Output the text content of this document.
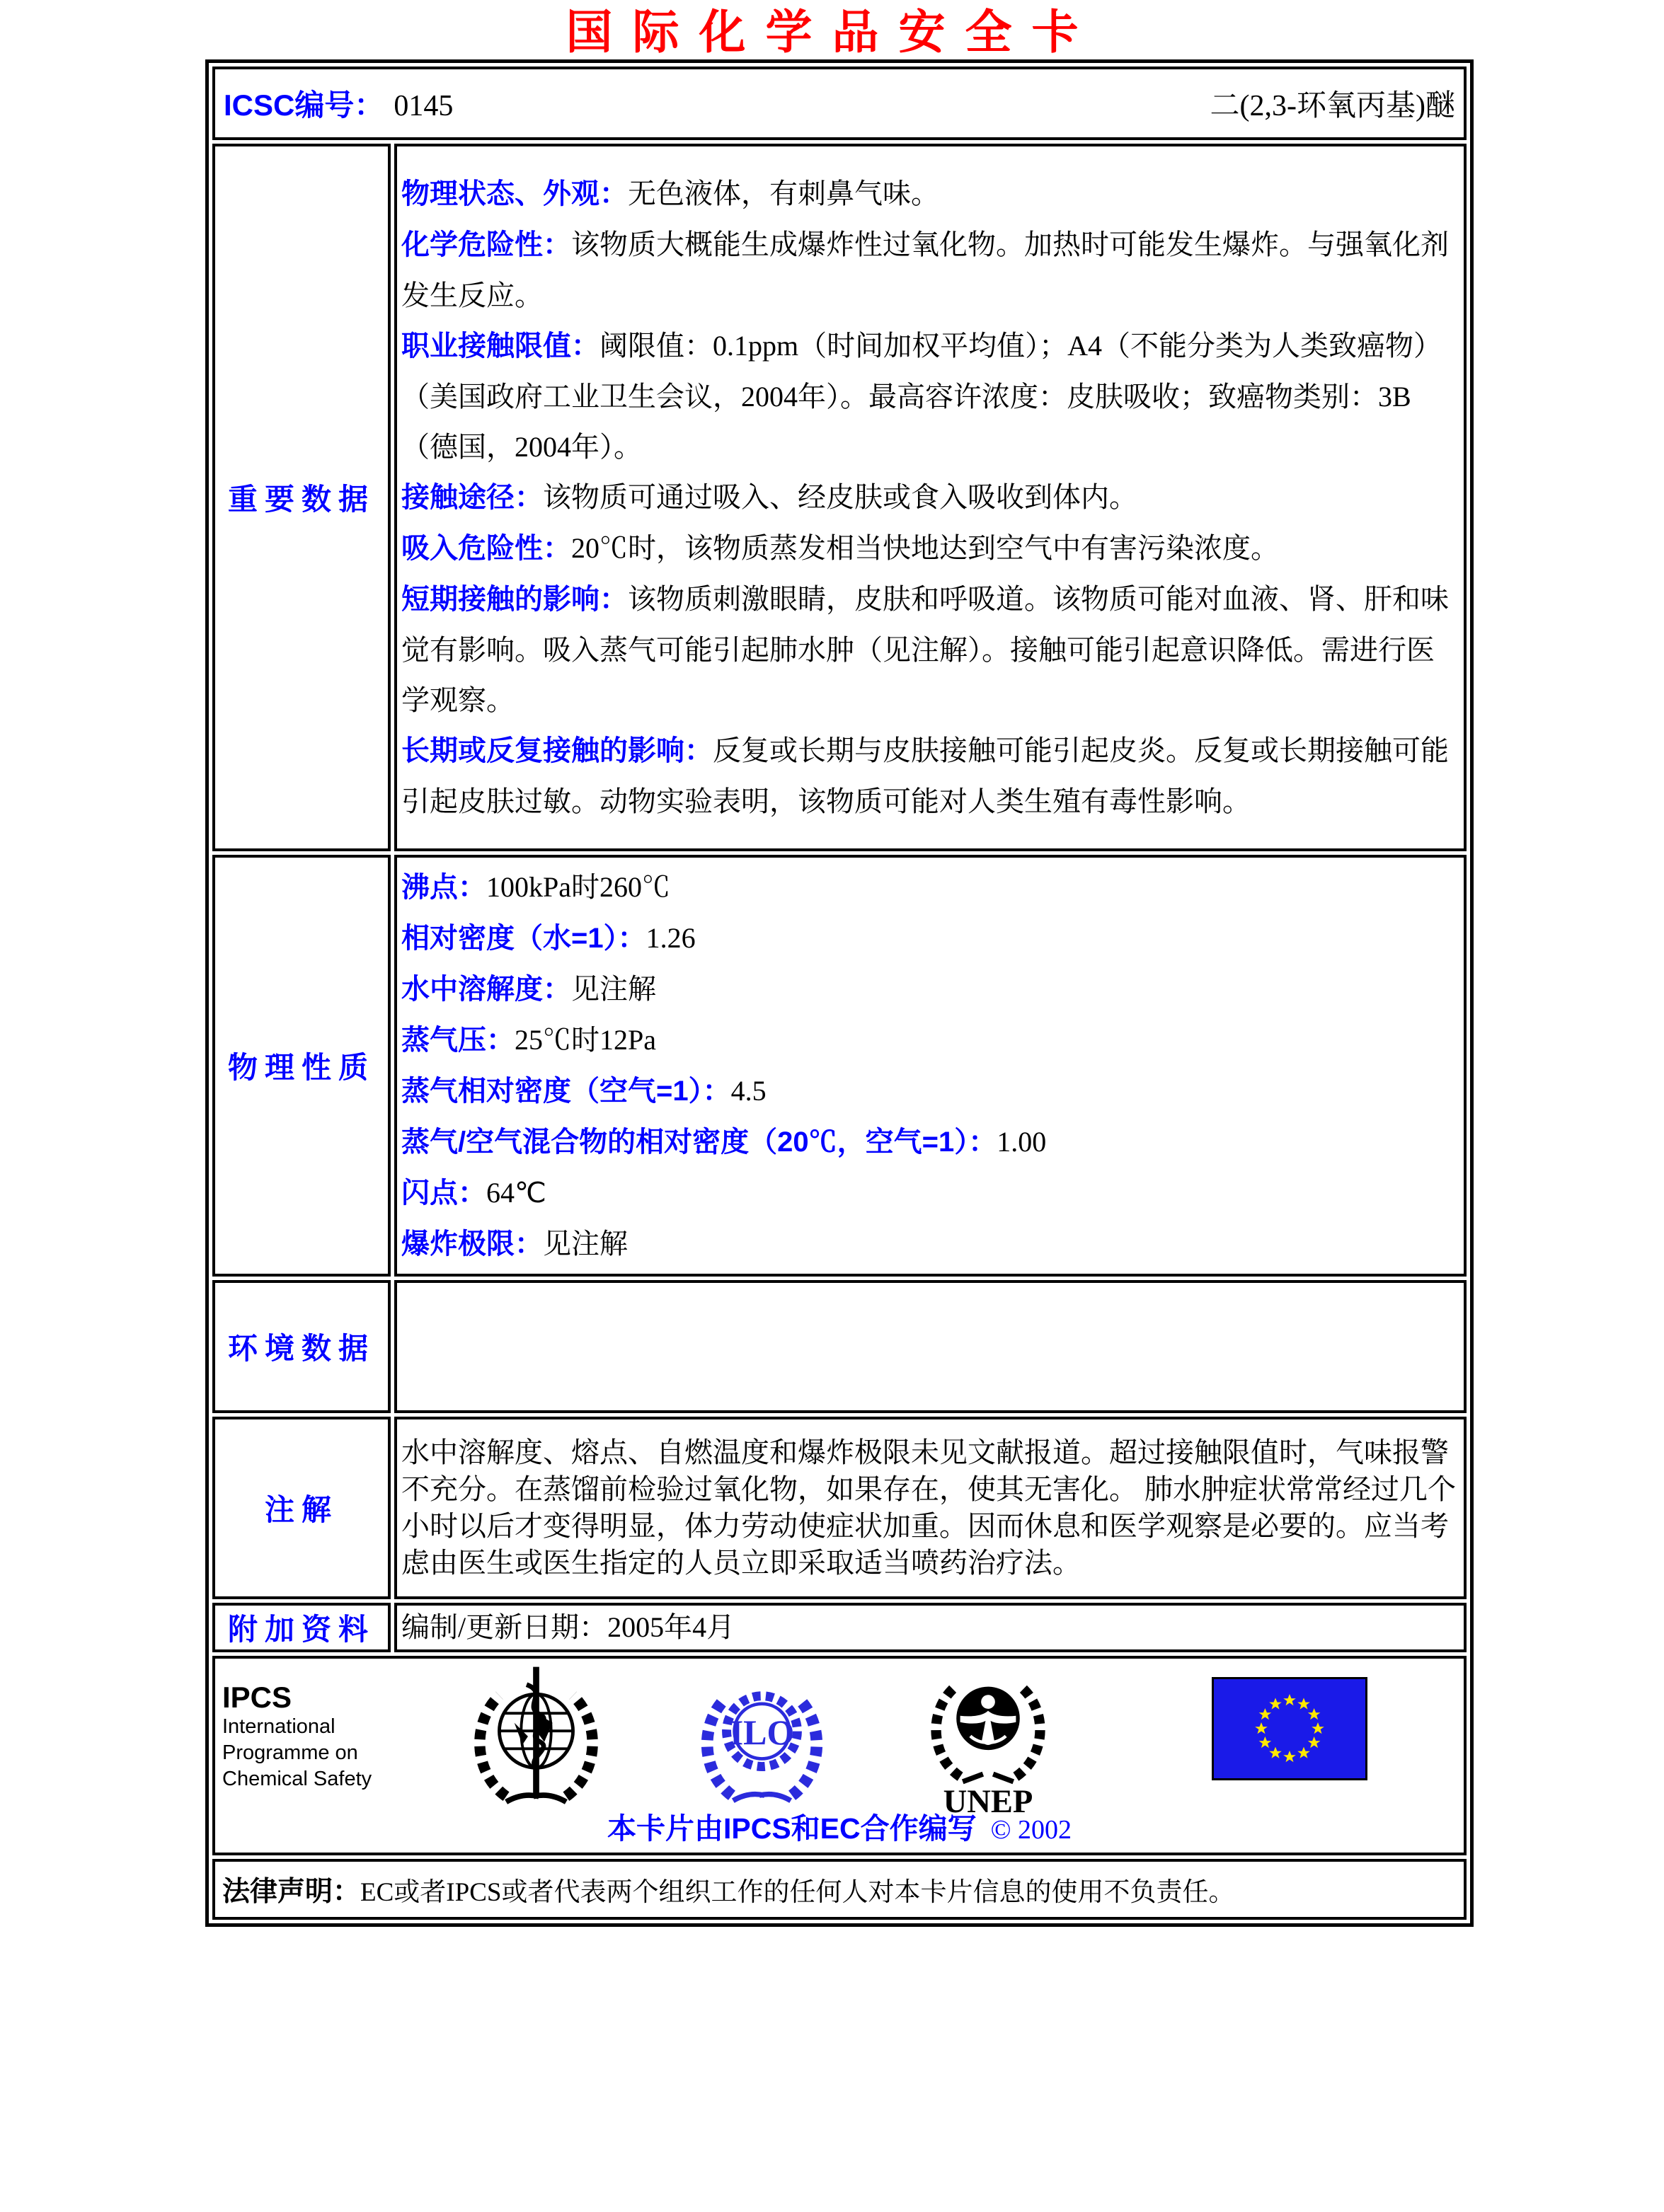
国际化学品安全卡
ICSC编号： 0145 二(2,3-环氧丙基)醚	

重要数据	

物理状态、外观：无色液体，有刺鼻气味。

化学危险性：该物质大概能生成爆炸性过氧化物。加热时可能发生爆炸。与强氧化剂发生反应。

职业接触限值：阈限值：0.1ppm（时间加权平均值）；A4（不能分类为人类致癌物）（美国政府工业卫生会议，2004年）。最高容许浓度：皮肤吸收；致癌物类别：3B（德国，2004年）。

接触途径：该物质可通过吸入、经皮肤或食入吸收到体内。

吸入危险性：20℃时，该物质蒸发相当快地达到空气中有害污染浓度。

短期接触的影响：该物质刺激眼睛，皮肤和呼吸道。该物质可能对血液、肾、肝和味觉有影响。吸入蒸气可能引起肺水肿（见注解）。接触可能引起意识降低。需进行医学观察。

长期或反复接触的影响：反复或长期与皮肤接触可能引起皮炎。反复或长期接触可能引起皮肤过敏。动物实验表明，该物质可能对人类生殖有毒性影响。

物理性质	

沸点：100kPa时260℃

相对密度（水=1）：1.26

水中溶解度：见注解

蒸气压：25℃时12Pa

蒸气相对密度（空气=1）：4.5

蒸气/空气混合物的相对密度（20℃，空气=1）：1.00

闪点：64℃

爆炸极限：见注解

环境数据	
注解	水中溶解度、熔点、自燃温度和爆炸极限未见文献报道。超过接触限值时，气味报警不充分。在蒸馏前检验过氧化物，如果存在，使其无害化。 肺水肿症状常常经过几个小时以后才变得明显，体力劳动使症状加重。因而休息和医学观察是必要的。应当考虑由医生或医生指定的人员立即采取适当喷药治疗法。
附加资料	编制/更新日期：2005年4月

IPCS
International
Programme on
Chemical Safety
ILO
UNEP
本卡片由IPCS和EC合作编写 © 2002

法律声明：EC或者IPCS或者代表两个组织工作的任何人对本卡片信息的使用不负责任。	
